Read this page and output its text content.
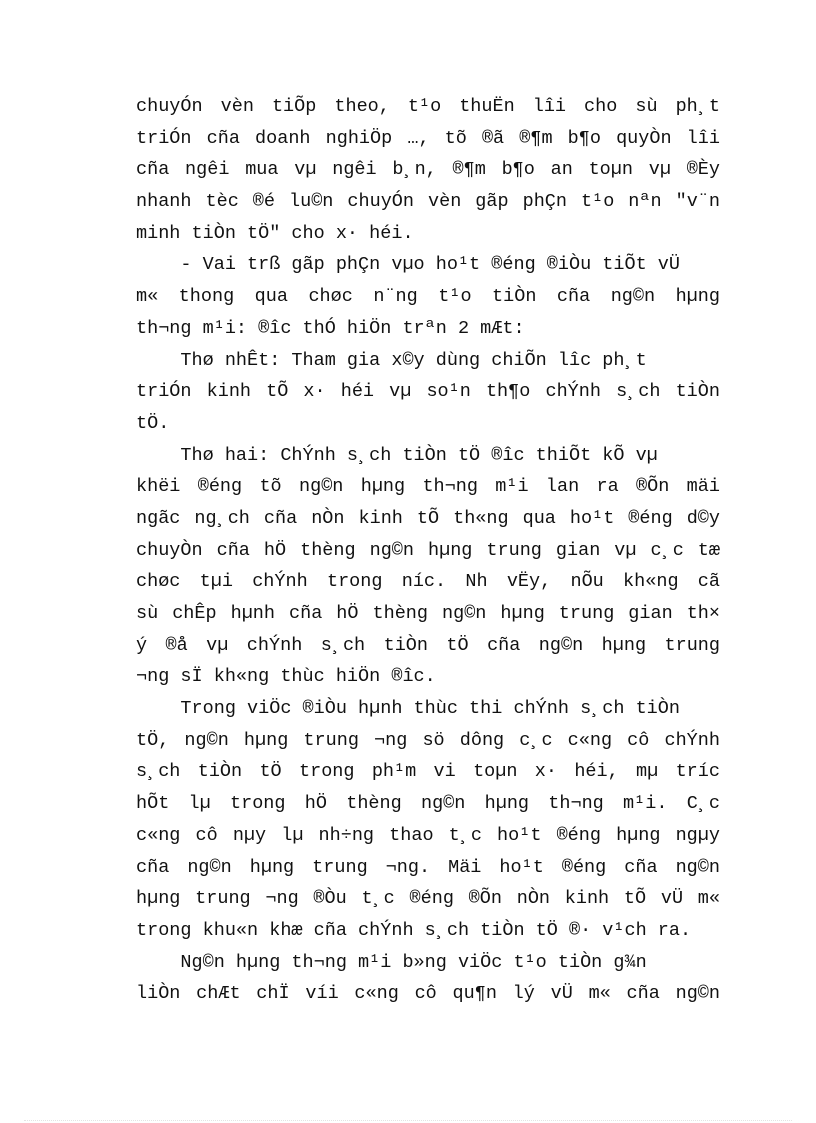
chuyÓn vèn tiÕp theo, t¹o thuËn lîi cho sù ph¸t
triÓn cña doanh nghiÖp …, tõ ®ã ®¶m b¶o quyÒn lîi
cña ngêi mua vµ ngêi b¸n, ®¶m b¶o an toµn vµ ®Èy
nhanh tèc ®é lu©n chuyÓn vèn gãp phÇn t¹o nªn "v¨n
minh tiÒn tÖ" cho x· héi.
- Vai trß gãp phÇn vµo ho¹t ®éng ®iÒu tiÕt vÜ
m« thong qua chøc n¨ng t¹o tiÒn cña ng©n hµng
th¬ng m¹i: ®îc thÓ hiÖn trªn 2 mÆt:
Thø nhÊt: Tham gia x©y dùng chiÕn lîc ph¸t
triÓn kinh tÕ x· héi vµ so¹n th¶o chÝnh s¸ch tiÒn
tÖ.
Thø hai: ChÝnh s¸ch tiÒn tÖ ®îc thiÕt kÕ vµ
khëi ®éng tõ ng©n hµng th¬ng m¹i lan ra ®Õn mäi
ngãc ng¸ch cña nÒn kinh tÕ th«ng qua ho¹t ®éng d©y
chuyÒn cña hÖ thèng ng©n hµng trung gian vµ c¸c tæ
chøc tµi chÝnh trong níc. Nh vËy, nÕu kh«ng cã
sù chÊp hµnh cña hÖ thèng ng©n hµng trung gian th×
ý ®å vµ chÝnh s¸ch tiÒn tÖ cña ng©n hµng trung
¬ng sÏ kh«ng thùc hiÖn ®îc.
Trong viÖc ®iÒu hµnh thùc thi chÝnh s¸ch tiÒn
tÖ, ng©n hµng trung ¬ng sö dông c¸c c«ng cô chÝnh
s¸ch tiÒn tÖ trong ph¹m vi toµn x· héi, mµ tríc
hÕt lµ trong hÖ thèng ng©n hµng th¬ng m¹i. C¸c
c«ng cô nµy lµ nh÷ng thao t¸c ho¹t ®éng hµng ngµy
cña ng©n hµng trung ¬ng. Mäi ho¹t ®éng cña ng©n
hµng trung ¬ng ®Òu t¸c ®éng ®Õn nÒn kinh tÕ vÜ m«
trong khu«n khæ cña chÝnh s¸ch tiÒn tÖ ®· v¹ch ra.
Ng©n hµng th¬ng m¹i b»ng viÖc t¹o tiÒn g¾n
liÒn chÆt chÏ víi c«ng cô qu¶n lý vÜ m« cña ng©n
